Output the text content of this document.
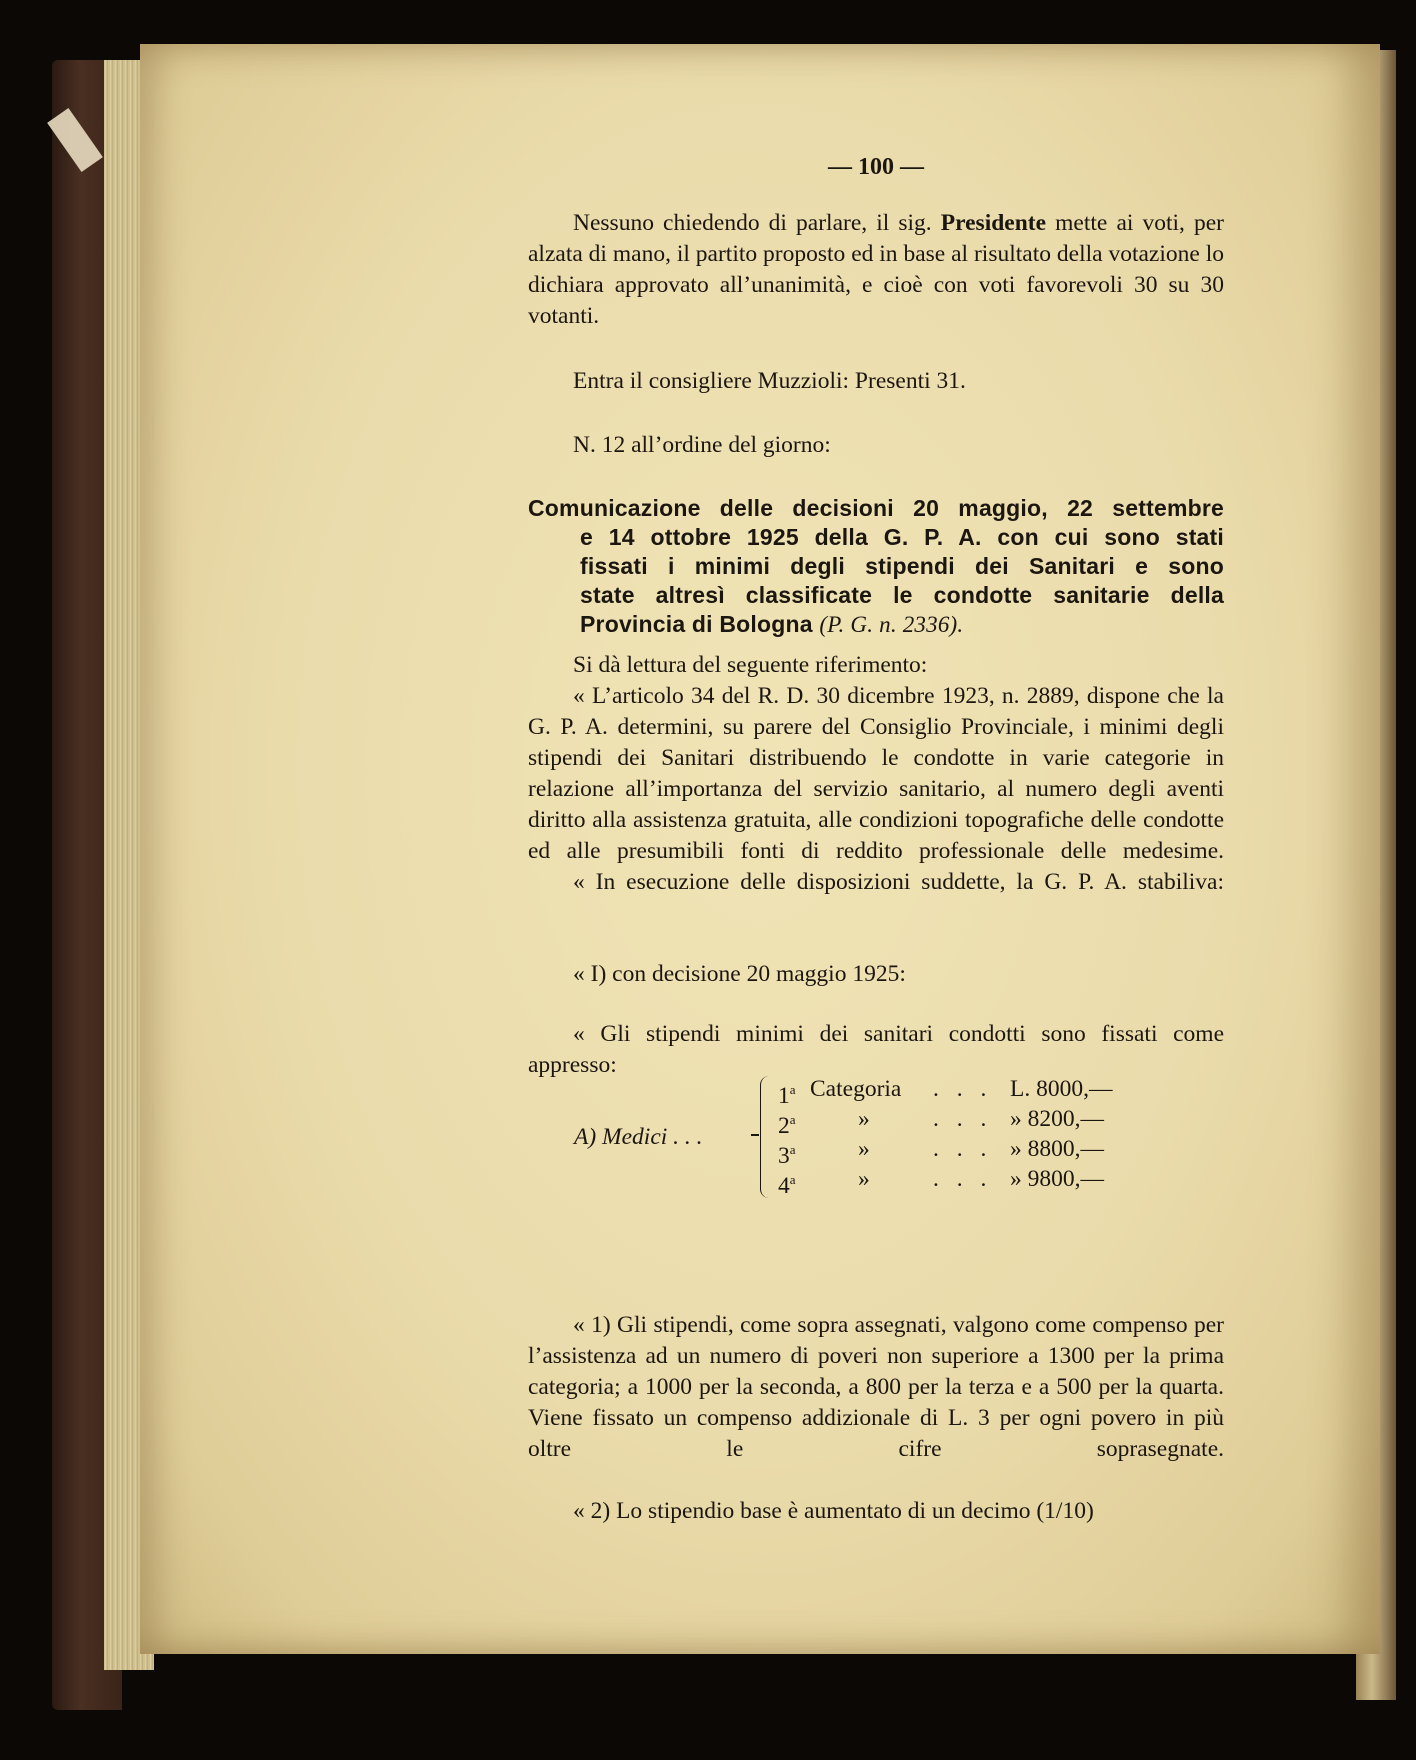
— 100 —
Nessuno chiedendo di parlare, il sig. Presidente mette ai voti, per alzata di mano, il partito proposto ed in base al risultato della votazione lo dichiara approvato all’unanimità, e cioè con voti favorevoli 30 su 30 votanti.
Entra il consigliere Muzzioli: Presenti 31.
N. 12 all’ordine del giorno:
Comunicazione delle decisioni 20 maggio, 22 settembre
e 14 ottobre 1925 della G. P. A. con cui sono stati
fissati i minimi degli stipendi dei Sanitari e sono
state altresì classificate le condotte sanitarie della
Provincia di Bologna (P. G. n. 2336).
Si dà lettura del seguente riferimento:
« L’articolo 34 del R. D. 30 dicembre 1923, n. 2889, dispone che la G. P. A. determini, su parere del Consiglio Provinciale, i minimi degli stipendi dei Sanitari distribuendo le condotte in varie categorie in relazione all’importanza del servizio sanitario, al numero degli aventi diritto alla assistenza gratuita, alle condizioni topografiche delle condotte ed alle presumibili fonti di reddito professionale delle medesime.
« In esecuzione delle disposizioni suddette, la G. P. A. stabiliva:
« I) con decisione 20 maggio 1925:
« Gli stipendi minimi dei sanitari condotti sono fissati come appresso:
A) Medici . . .
1$^a$ Categoria . . . L. 8000,—
2$^a$	»	. . . » 8200,—
3$^a$	»	. . . » 8800,—
4$^a$	»	. . . » 9800,—
« 1) Gli stipendi, come sopra assegnati, valgono come compenso per l’assistenza ad un numero di poveri non superiore a 1300 per la prima categoria; a 1000 per la seconda, a 800 per la terza e a 500 per la quarta. Viene fissato un compenso addizionale di L. 3 per ogni povero in più oltre le cifre soprasegnate.
« 2) Lo stipendio base è aumentato di un decimo (1/10)
